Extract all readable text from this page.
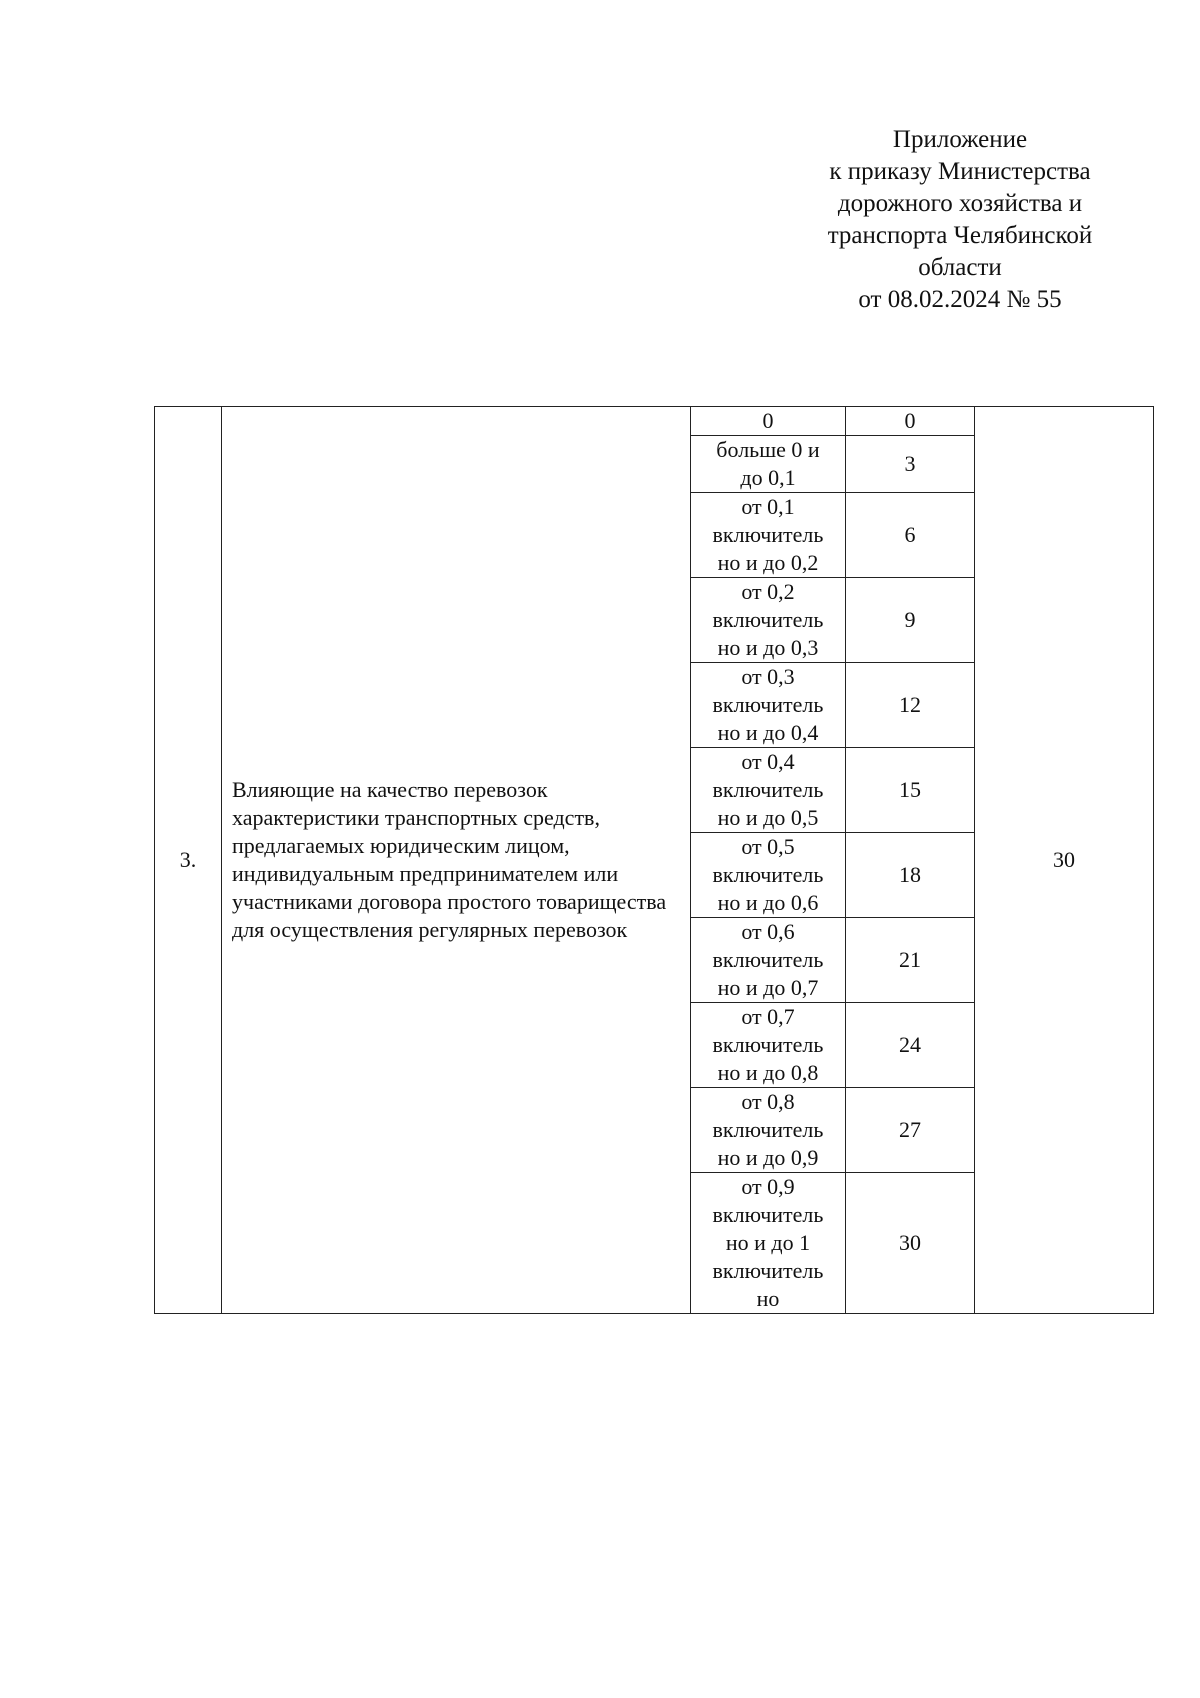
Приложение
к приказу Министерства
дорожного хозяйства и
транспорта Челябинской
области
от 08.02.2024 № 55
3.	Влияющие на качество перевозок характеристики транспортных средств, предлагаемых юридическим лицом, индивидуальным предпринимателем или участниками договора простого товарищества для осуществления регулярных перевозок	0	0	30
		больше 0 и
до 0,1	3	
		от 0,1
включитель
но и до 0,2	6	
		от 0,2
включитель
но и до 0,3	9	
		от 0,3
включитель
но и до 0,4	12	
		от 0,4
включитель
но и до 0,5	15	
		от 0,5
включитель
но и до 0,6	18	
		от 0,6
включитель
но и до 0,7	21	
		от 0,7
включитель
но и до 0,8	24	
		от 0,8
включитель
но и до 0,9	27	
		от 0,9
включитель
но и до 1
включитель
но	30	
